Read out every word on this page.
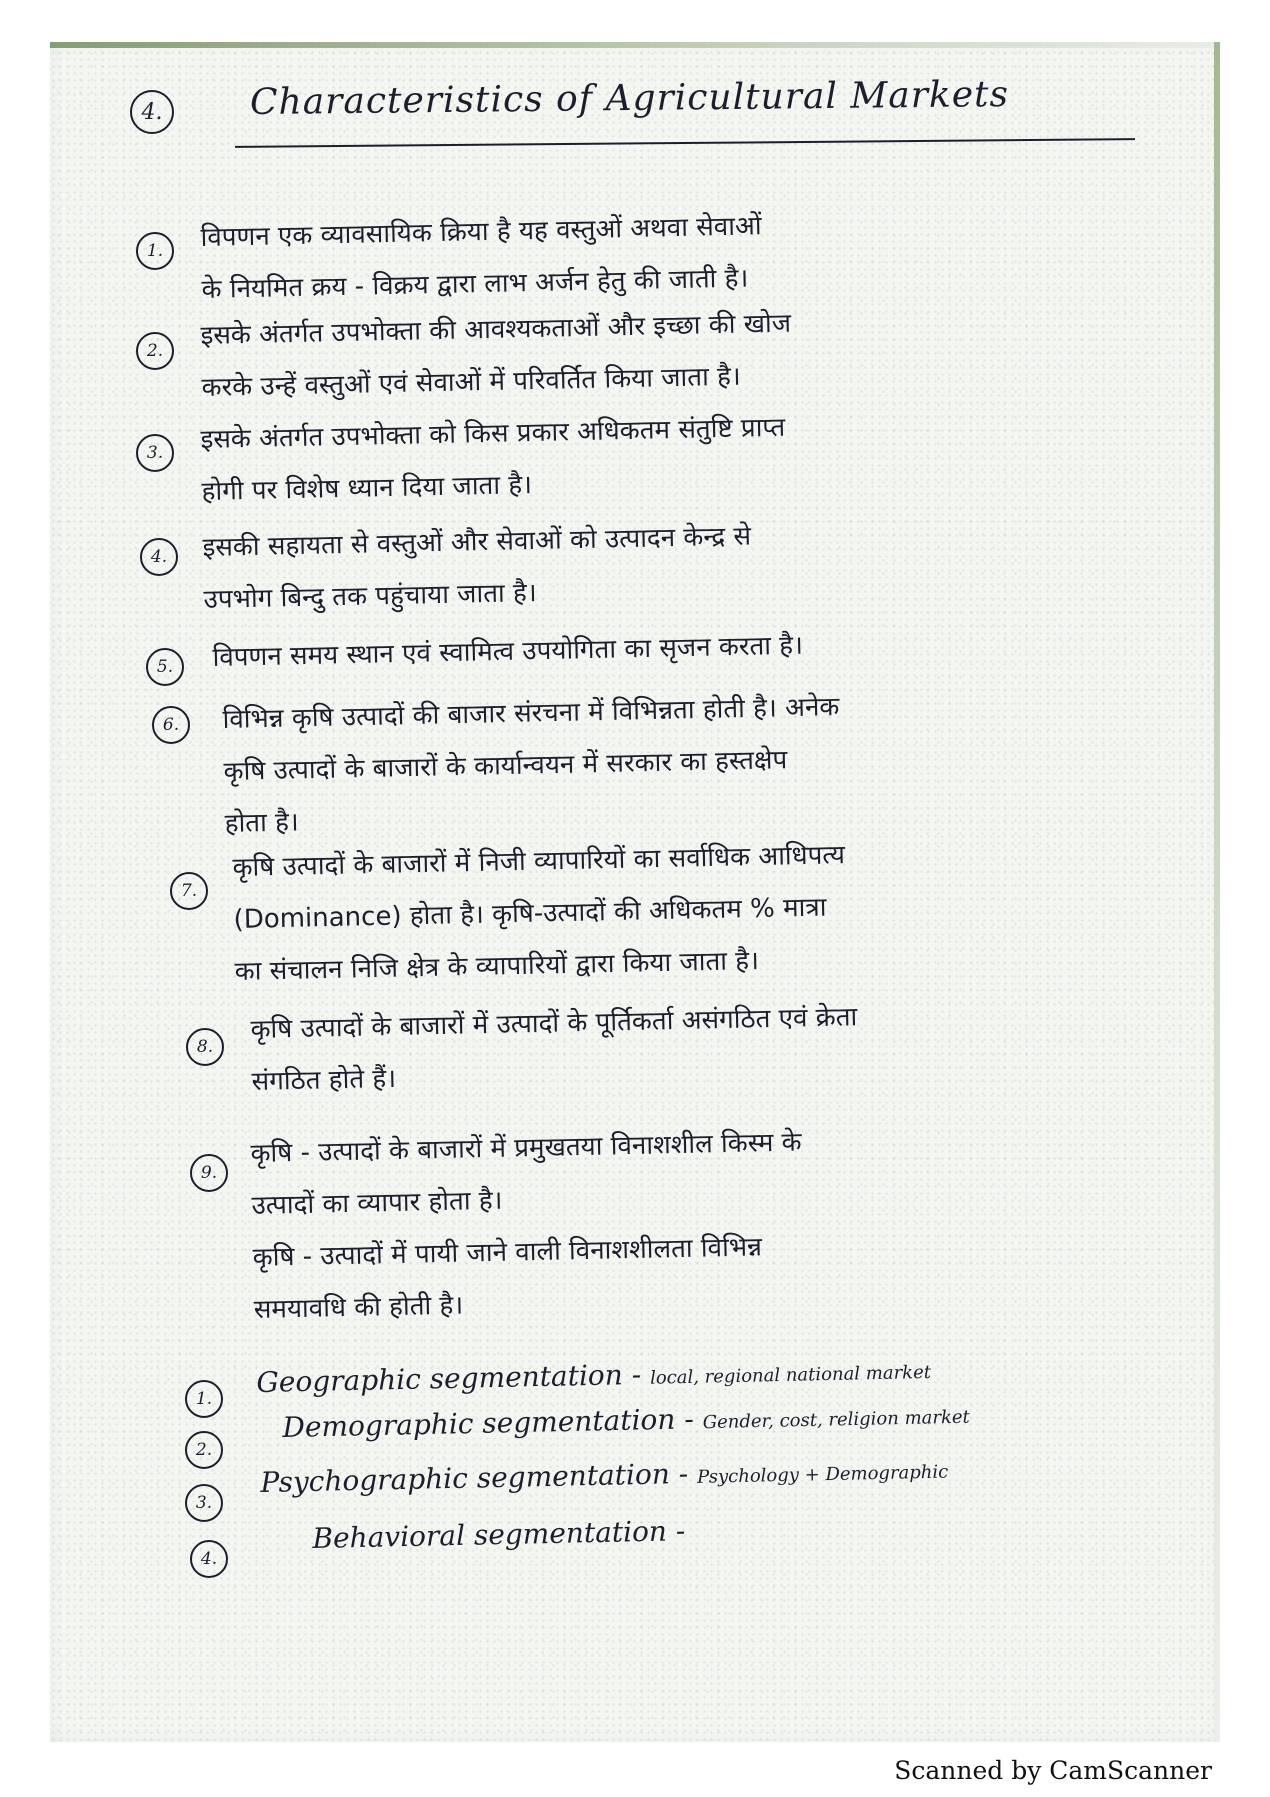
4.	Characteristics of Agricultural Markets
1.	विपणन एक व्यावसायिक क्रिया है यह वस्तुओं अथवा सेवाओं
के नियमित क्रय - विक्रय द्वारा लाभ अर्जन हेतु की जाती है।
2.
इसके अंतर्गत उपभोक्ता की आवश्यकताओं और इच्छा की खोज
करके उन्हें वस्तुओं एवं सेवाओं में परिवर्तित किया जाता है।
3.	इसके अंतर्गत उपभोक्ता को किस प्रकार अधिकतम संतुष्टि प्राप्त
होगी पर विशेष ध्यान दिया जाता है।
4.	इसकी सहायता से वस्तुओं और सेवाओं को उत्पादन केन्द्र से
उपभोग बिन्दु तक पहुंचाया जाता है।
5.	विपणन समय स्थान एवं स्वामित्व उपयोगिता का सृजन करता है।
6.	विभिन्न कृषि उत्पादों की बाजार संरचना में विभिन्नता होती है। अनेक
कृषि उत्पादों के बाजारों के कार्यान्वयन में सरकार का हस्तक्षेप
होता है।
7.
कृषि उत्पादों के बाजारों में निजी व्यापारियों का सर्वाधिक आधिपत्य
(Dominance) होता है। कृषि-उत्पादों की अधिकतम % मात्रा
का संचालन निजि क्षेत्र के व्यापारियों द्वारा किया जाता है।
8.
कृषि उत्पादों के बाजारों में उत्पादों के पूर्तिकर्ता असंगठित एवं क्रेता
संगठित होते हैं।
9.
कृषि - उत्पादों के बाजारों में प्रमुखतया विनाशशील किस्म के
उत्पादों का व्यापार होता है।
कृषि - उत्पादों में पायी जाने वाली विनाशशीलता विभिन्न
समयावधि की होती है।
1.
Geographic segmentation - local, regional national market
2.
Demographic segmentation - Gender, cost, religion market
3.
Psychographic segmentation - Psychology + Demographic
4.
Behavioral segmentation -
Scanned by CamScanner
